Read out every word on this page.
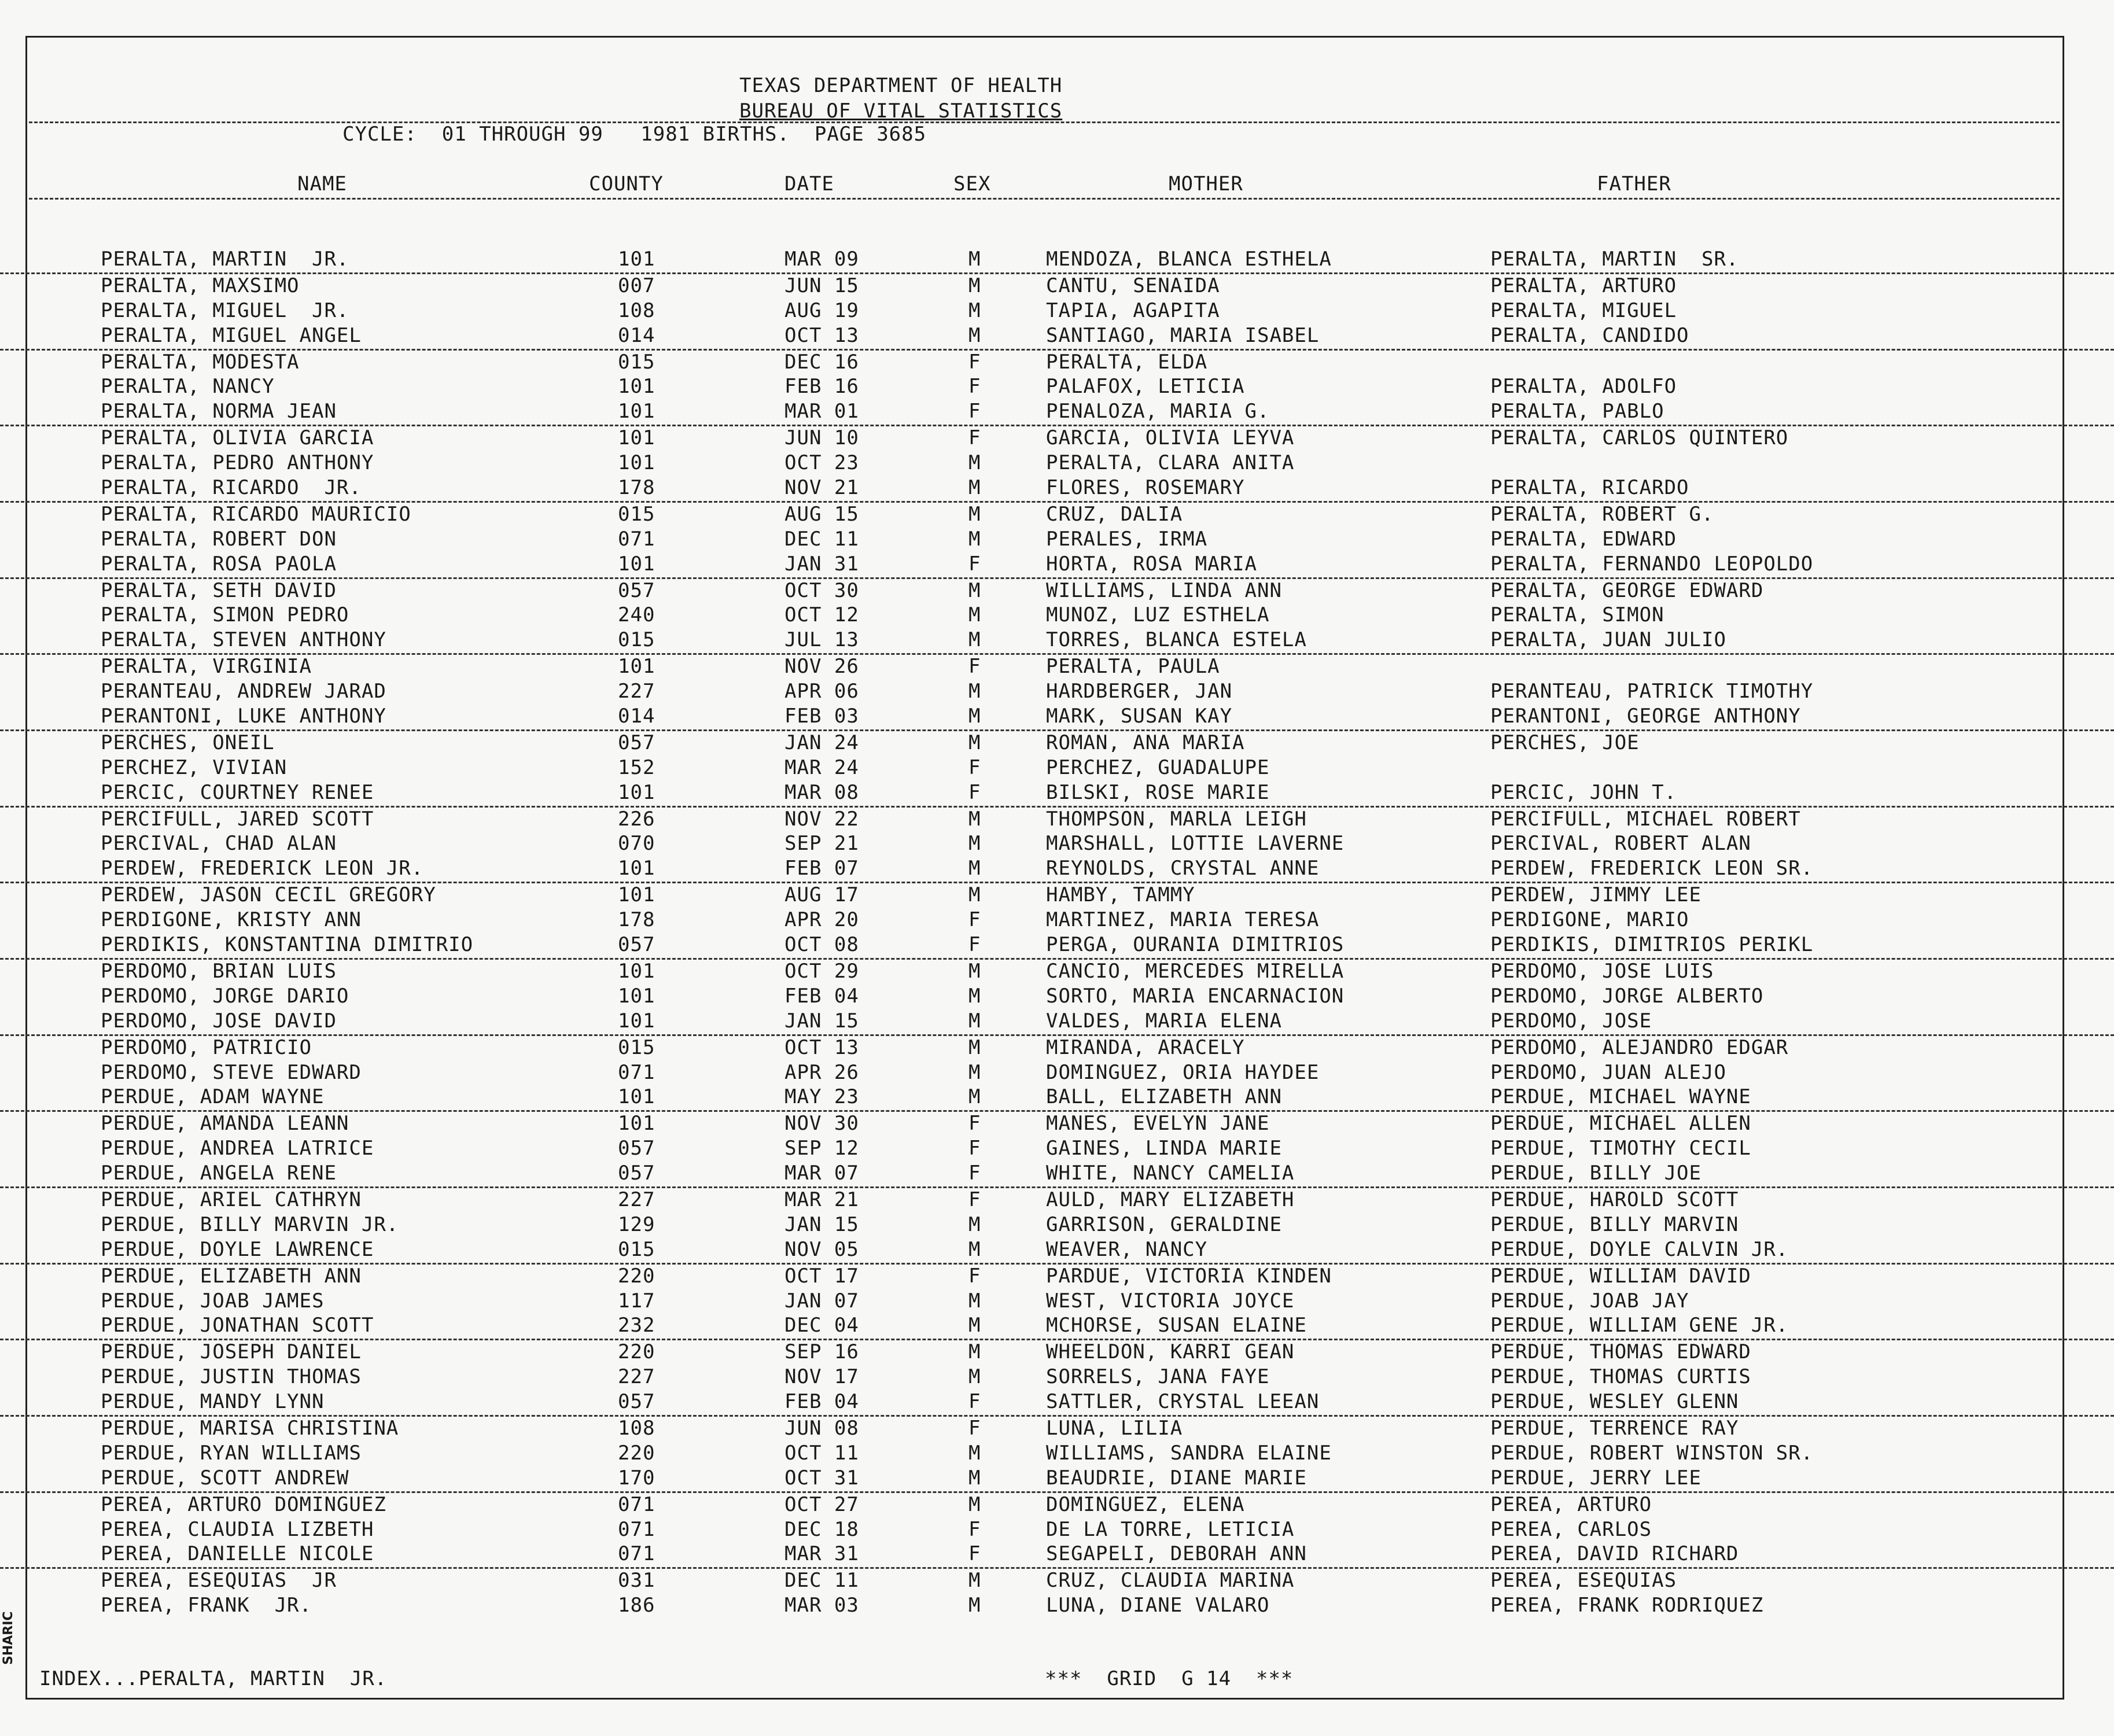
TEXAS DEPARTMENT OF HEALTH
BUREAU OF VITAL STATISTICS
CYCLE:  01 THROUGH 99   1981 BIRTHS.  PAGE 3685
NAME	COUNTY	DATE	SEX	MOTHER	FATHER
PERALTA, MARTIN  JR.	101	MAR 09	M	MENDOZA, BLANCA ESTHELA	PERALTA, MARTIN  SR.
PERALTA, MAXSIMO	007	JUN 15	M	CANTU, SENAIDA	PERALTA, ARTURO
PERALTA, MIGUEL  JR.	108	AUG 19	M	TAPIA, AGAPITA	PERALTA, MIGUEL
PERALTA, MIGUEL ANGEL	014	OCT 13	M	SANTIAGO, MARIA ISABEL	PERALTA, CANDIDO
PERALTA, MODESTA	015	DEC 16	F	PERALTA, ELDA
PERALTA, NANCY	101	FEB 16	F	PALAFOX, LETICIA	PERALTA, ADOLFO
PERALTA, NORMA JEAN	101	MAR 01	F	PENALOZA, MARIA G.	PERALTA, PABLO
PERALTA, OLIVIA GARCIA	101	JUN 10	F	GARCIA, OLIVIA LEYVA	PERALTA, CARLOS QUINTERO
PERALTA, PEDRO ANTHONY	101	OCT 23	M	PERALTA, CLARA ANITA
PERALTA, RICARDO  JR.	178	NOV 21	M	FLORES, ROSEMARY	PERALTA, RICARDO
PERALTA, RICARDO MAURICIO	015	AUG 15	M	CRUZ, DALIA	PERALTA, ROBERT G.
PERALTA, ROBERT DON	071	DEC 11	M	PERALES, IRMA	PERALTA, EDWARD
PERALTA, ROSA PAOLA	101	JAN 31	F	HORTA, ROSA MARIA	PERALTA, FERNANDO LEOPOLDO
PERALTA, SETH DAVID	057	OCT 30	M	WILLIAMS, LINDA ANN	PERALTA, GEORGE EDWARD
PERALTA, SIMON PEDRO	240	OCT 12	M	MUNOZ, LUZ ESTHELA	PERALTA, SIMON
PERALTA, STEVEN ANTHONY	015	JUL 13	M	TORRES, BLANCA ESTELA	PERALTA, JUAN JULIO
PERALTA, VIRGINIA	101	NOV 26	F	PERALTA, PAULA
PERANTEAU, ANDREW JARAD	227	APR 06	M	HARDBERGER, JAN	PERANTEAU, PATRICK TIMOTHY
PERANTONI, LUKE ANTHONY	014	FEB 03	M	MARK, SUSAN KAY	PERANTONI, GEORGE ANTHONY
PERCHES, ONEIL	057	JAN 24	M	ROMAN, ANA MARIA	PERCHES, JOE
PERCHEZ, VIVIAN	152	MAR 24	F	PERCHEZ, GUADALUPE
PERCIC, COURTNEY RENEE	101	MAR 08	F	BILSKI, ROSE MARIE	PERCIC, JOHN T.
PERCIFULL, JARED SCOTT	226	NOV 22	M	THOMPSON, MARLA LEIGH	PERCIFULL, MICHAEL ROBERT
PERCIVAL, CHAD ALAN	070	SEP 21	M	MARSHALL, LOTTIE LAVERNE	PERCIVAL, ROBERT ALAN
PERDEW, FREDERICK LEON JR.	101	FEB 07	M	REYNOLDS, CRYSTAL ANNE	PERDEW, FREDERICK LEON SR.
PERDEW, JASON CECIL GREGORY	101	AUG 17	M	HAMBY, TAMMY	PERDEW, JIMMY LEE
PERDIGONE, KRISTY ANN	178	APR 20	F	MARTINEZ, MARIA TERESA	PERDIGONE, MARIO
PERDIKIS, KONSTANTINA DIMITRIO	057	OCT 08	F	PERGA, OURANIA DIMITRIOS	PERDIKIS, DIMITRIOS PERIKL
PERDOMO, BRIAN LUIS	101	OCT 29	M	CANCIO, MERCEDES MIRELLA	PERDOMO, JOSE LUIS
PERDOMO, JORGE DARIO	101	FEB 04	M	SORTO, MARIA ENCARNACION	PERDOMO, JORGE ALBERTO
PERDOMO, JOSE DAVID	101	JAN 15	M	VALDES, MARIA ELENA	PERDOMO, JOSE
PERDOMO, PATRICIO	015	OCT 13	M	MIRANDA, ARACELY	PERDOMO, ALEJANDRO EDGAR
PERDOMO, STEVE EDWARD	071	APR 26	M	DOMINGUEZ, ORIA HAYDEE	PERDOMO, JUAN ALEJO
PERDUE, ADAM WAYNE	101	MAY 23	M	BALL, ELIZABETH ANN	PERDUE, MICHAEL WAYNE
PERDUE, AMANDA LEANN	101	NOV 30	F	MANES, EVELYN JANE	PERDUE, MICHAEL ALLEN
PERDUE, ANDREA LATRICE	057	SEP 12	F	GAINES, LINDA MARIE	PERDUE, TIMOTHY CECIL
PERDUE, ANGELA RENE	057	MAR 07	F	WHITE, NANCY CAMELIA	PERDUE, BILLY JOE
PERDUE, ARIEL CATHRYN	227	MAR 21	F	AULD, MARY ELIZABETH	PERDUE, HAROLD SCOTT
PERDUE, BILLY MARVIN JR.	129	JAN 15	M	GARRISON, GERALDINE	PERDUE, BILLY MARVIN
PERDUE, DOYLE LAWRENCE	015	NOV 05	M	WEAVER, NANCY	PERDUE, DOYLE CALVIN JR.
PERDUE, ELIZABETH ANN	220	OCT 17	F	PARDUE, VICTORIA KINDEN	PERDUE, WILLIAM DAVID
PERDUE, JOAB JAMES	117	JAN 07	M	WEST, VICTORIA JOYCE	PERDUE, JOAB JAY
PERDUE, JONATHAN SCOTT	232	DEC 04	M	MCHORSE, SUSAN ELAINE	PERDUE, WILLIAM GENE JR.
PERDUE, JOSEPH DANIEL	220	SEP 16	M	WHEELDON, KARRI GEAN	PERDUE, THOMAS EDWARD
PERDUE, JUSTIN THOMAS	227	NOV 17	M	SORRELS, JANA FAYE	PERDUE, THOMAS CURTIS
PERDUE, MANDY LYNN	057	FEB 04	F	SATTLER, CRYSTAL LEEAN	PERDUE, WESLEY GLENN
PERDUE, MARISA CHRISTINA	108	JUN 08	F	LUNA, LILIA	PERDUE, TERRENCE RAY
PERDUE, RYAN WILLIAMS	220	OCT 11	M	WILLIAMS, SANDRA ELAINE	PERDUE, ROBERT WINSTON SR.
PERDUE, SCOTT ANDREW	170	OCT 31	M	BEAUDRIE, DIANE MARIE	PERDUE, JERRY LEE
PEREA, ARTURO DOMINGUEZ	071	OCT 27	M	DOMINGUEZ, ELENA	PEREA, ARTURO
PEREA, CLAUDIA LIZBETH	071	DEC 18	F	DE LA TORRE, LETICIA	PEREA, CARLOS
PEREA, DANIELLE NICOLE	071	MAR 31	F	SEGAPELI, DEBORAH ANN	PEREA, DAVID RICHARD
PEREA, ESEQUIAS  JR	031	DEC 11	M	CRUZ, CLAUDIA MARINA	PEREA, ESEQUIAS
PEREA, FRANK  JR.	186	MAR 03	M	LUNA, DIANE VALARO	PEREA, FRANK RODRIQUEZ
INDEX...PERALTA, MARTIN  JR.	***  GRID  G 14  ***
SHARIC
